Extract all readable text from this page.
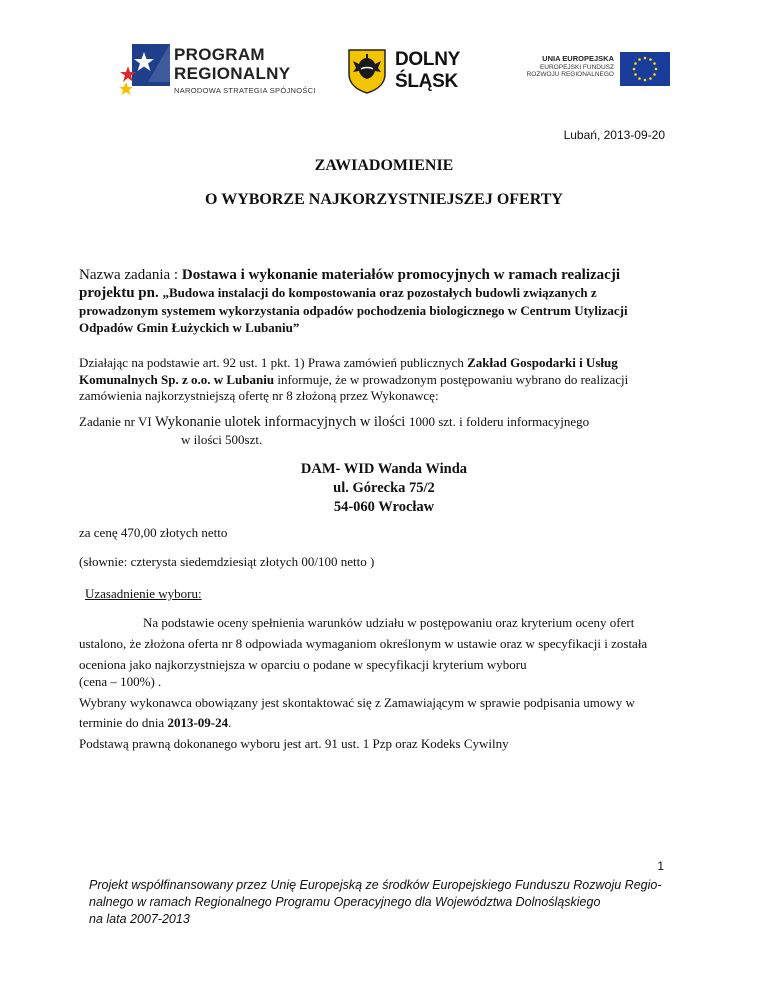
PROGRAM
REGIONALNY
NARODOWA STRATEGIA SPÓJNOŚCI
DOLNY
ŚLĄSK
UNIA EUROPEJSKA
EUROPEJSKI FUNDUSZ
ROZWOJU REGIONALNEGO
Lubań, 2013-09-20
ZAWIADOMIENIE
O WYBORZE NAJKORZYSTNIEJSZEJ OFERTY
Nazwa zadania : Dostawa i wykonanie materiałów promocyjnych w ramach realizacji projektu pn. „Budowa instalacji do kompostowania oraz pozostałych budowli związanych z prowadzonym systemem wykorzystania odpadów pochodzenia biologicznego w Centrum Utylizacji Odpadów Gmin Łużyckich w Lubaniu”
Działając na podstawie art. 92 ust. 1 pkt. 1) Prawa zamówień publicznych Zakład Gospodarki i Usług Komunalnych Sp. z o.o. w Lubaniu informuje, że w prowadzonym postępowaniu wybrano do realizacji zamówienia najkorzystniejszą ofertę nr 8 złożoną przez Wykonawcę:
Zadanie nr VI Wykonanie ulotek informacyjnych w ilości 1000 szt. i folderu informacyjnego
w ilości 500szt.
DAM- WID Wanda Winda
ul. Górecka 75/2
54-060 Wrocław
za cenę 470,00 złotych netto
(słownie: czterysta siedemdziesiąt złotych 00/100 netto )
Uzasadnienie wyboru:
Na podstawie oceny spełnienia warunków udziału w postępowaniu oraz kryterium oceny ofert
ustalono, że złożona oferta nr 8 odpowiada wymaganiom określonym w ustawie oraz w specyfikacji i została oceniona jako najkorzystniejsza w oparciu o podane w specyfikacji kryterium wyboru
(cena – 100%) .
Wybrany wykonawca obowiązany jest skontaktować się z Zamawiającym w sprawie podpisania umowy w terminie do dnia 2013-09-24.
Podstawą prawną dokonanego wyboru jest art. 91 ust. 1 Pzp oraz Kodeks Cywilny
1
Projekt współfinansowany przez Unię Europejską ze środków Europejskiego Funduszu Rozwoju Regio-
nalnego w ramach Regionalnego Programu Operacyjnego dla Województwa Dolnośląskiego
na lata 2007-2013
